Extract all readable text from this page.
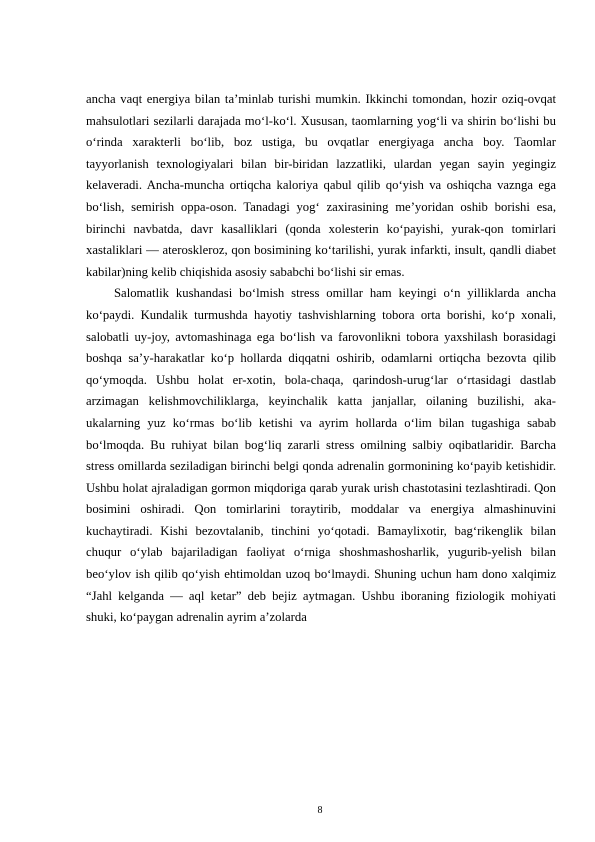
ancha vaqt energiya bilan taʼminlab turishi mumkin. Ikkinchi tomondan, hozir oziq-ovqat mahsulotlari sezilarli darajada moʻl-koʻl. Xususan, taomlarning yogʻli va shirin boʻlishi bu oʻrinda xarakterli boʻlib, boz ustiga, bu ovqatlar energiyaga ancha boy. Taomlar tayyorlanish texnologiyalari bilan bir-biridan lazzatliki, ulardan yegan sayin yegingiz kelaveradi. Ancha-muncha ortiqcha kaloriya qabul qilib qoʻyish va oshiqcha vaznga ega boʻlish, semirish oppa-oson. Tanadagi yogʻ zaxirasining meʼyoridan oshib borishi esa, birinchi navbatda, davr kasalliklari (qonda xolesterin koʻpayishi, yurak-qon tomirlari xastaliklari — ateroskleroz, qon bosimining koʻtarilishi, yurak infarkti, insult, qandli diabet kabilar)ning kelib chiqishida asosiy sababchi boʻlishi sir emas.

Salomatlik kushandasi boʻlmish stress omillar ham keyingi oʻn yilliklarda ancha koʻpaydi. Kundalik turmushda hayotiy tashvishlarning tobora orta borishi, koʻp xonali, salobatli uy-joy, avtomashinaga ega boʻlish va farovonlikni tobora yaxshilash borasidagi boshqa saʼy-harakatlar koʻp hollarda diqqatni oshirib, odamlarni ortiqcha bezovta qilib qoʻymoqda. Ushbu holat er-xotin, bola-chaqa, qarindosh-urugʻlar oʻrtasidagi dastlab arzimagan kelishmovchiliklarga, keyinchalik katta janjallar, oilaning buzilishi, aka-ukalarning yuz koʻrmas boʻlib ketishi va ayrim hollarda oʻlim bilan tugashiga sabab boʻlmoqda. Bu ruhiyat bilan bogʻliq zararli stress omilning salbiy oqibatlaridir. Barcha stress omillarda seziladigan birinchi belgi qonda adrenalin gormonining koʻpayib ketishidir. Ushbu holat ajraladigan gormon miqdoriga qarab yurak urish chastotasini tezlashtiradi. Qon bosimini oshiradi. Qon tomirlarini toraytirib, moddalar va energiya almashinuvini kuchaytiradi. Kishi bezovtalanib, tinchini yoʻqotadi. Bamaylixotir, bagʻrikenglik bilan chuqur oʻylab bajariladigan faoliyat oʻrniga shoshmashosharlik, yugurib-yelish bilan beoʻylov ish qilib qoʻyish ehtimoldan uzoq boʻlmaydi. Shuning uchun ham dono xalqimiz “Jahl kelganda — aql ketar” deb bejiz aytmagan. Ushbu iboraning fiziologik mohiyati shuki, koʻpaygan adrenalin ayrim aʼzolarda

8
